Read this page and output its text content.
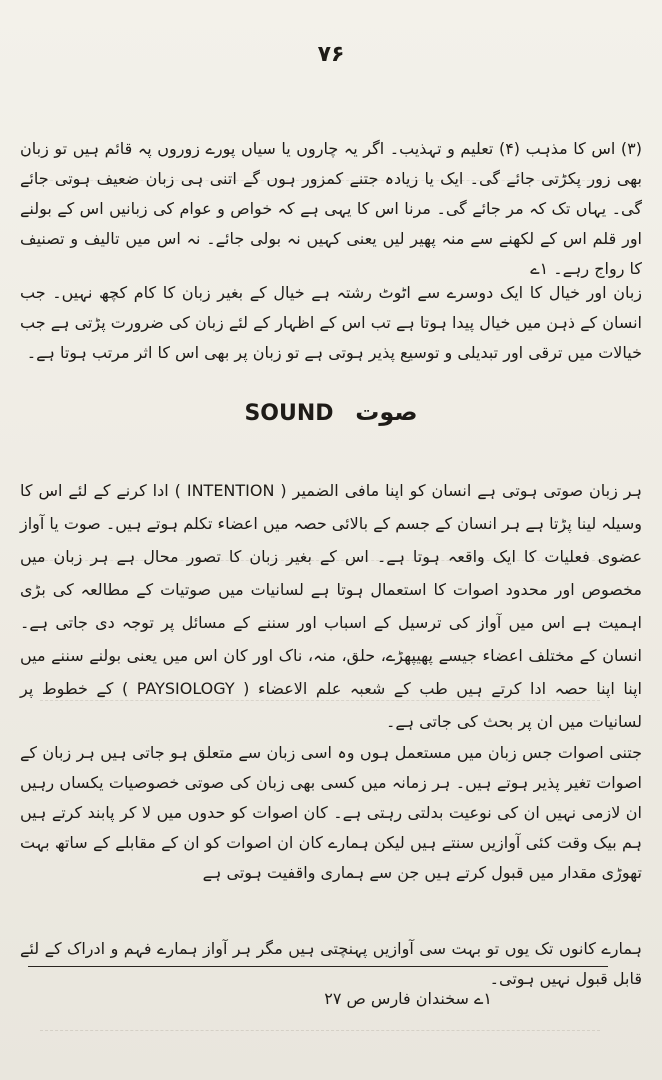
۷۶

(۳) اس کا مذہب (۴) تعلیم و تہذیب۔ اگر یہ چاروں یا سیاں پورے زوروں پہ قائم ہیں تو زبان بھی زور پکڑتی جائے گی۔ ایک یا زیادہ جتنے کمزور ہوں گے اتنی ہی زبان ضعیف ہوتی جائے گی۔ یہاں تک کہ مر جائے گی۔ مرنا اس کا یہی ہے کہ خواص و عوام کی زبانیں اس کے بولنے اور قلم اس کے لکھنے سے منہ پھیر لیں یعنی کہیں نہ بولی جائے۔ نہ اس میں تالیف و تصنیف کا رواج رہے۔ ۱ے

زبان اور خیال کا ایک دوسرے سے اٹوٹ رشتہ ہے خیال کے بغیر زبان کا کام کچھ نہیں۔ جب انسان کے ذہن میں خیال پیدا ہوتا ہے تب اس کے اظہار کے لئے زبان کی ضرورت پڑتی ہے جب خیالات میں ترقی اور تبدیلی و توسیع پذیر ہوتی ہے تو زبان پر بھی اس کا اثر مرتب ہوتا ہے۔

SOUND صوت

ہر زبان صوتی ہوتی ہے انسان کو اپنا مافی الضمیر ( INTENTION ) ادا کرنے کے لئے اس کا وسیلہ لینا پڑتا ہے ہر انسان کے جسم کے بالائی حصہ میں اعضاء تکلم ہوتے ہیں۔ صوت یا آواز عضوی فعلیات کا ایک واقعہ ہوتا ہے۔ اس کے بغیر زبان کا تصور محال ہے ہر زبان میں مخصوص اور محدود اصوات کا استعمال ہوتا ہے لسانیات میں صوتیات کے مطالعہ کی بڑی اہمیت ہے اس میں آواز کی ترسیل کے اسباب اور سننے کے مسائل پر توجہ دی جاتی ہے۔ انسان کے مختلف اعضاء جیسے پھیپھڑے، حلق، منہ، ناک اور کان اس میں یعنی بولنے سننے میں اپنا اپنا حصہ ادا کرتے ہیں طب کے شعبہ علم الاعضاء ( PAYSIOLOGY ) کے خطوط پر لسانیات میں ان پر بحث کی جاتی ہے۔

جتنی اصوات جس زبان میں مستعمل ہوں وہ اسی زبان سے متعلق ہو جاتی ہیں ہر زبان کے اصوات تغیر پذیر ہوتے ہیں۔ ہر زمانہ میں کسی بھی زبان کی صوتی خصوصیات یکساں رہیں ان لازمی نہیں ان کی نوعیت بدلتی رہتی ہے۔ کان اصوات کو حدوں میں لا کر پابند کرتے ہیں ہم بیک وقت کئی آوازیں سنتے ہیں لیکن ہمارے کان ان اصوات کو ان کے مقابلے کے ساتھ بہت تھوڑی مقدار میں قبول کرتے ہیں جن سے ہماری واقفیت ہوتی ہے

ہمارے کانوں تک یوں تو بہت سی آوازیں پہنچتی ہیں مگر ہر آواز ہمارے فہم و ادراک کے لئے قابل قبول نہیں ہوتی۔

۱ے سخندان فارس ص ۲۷
